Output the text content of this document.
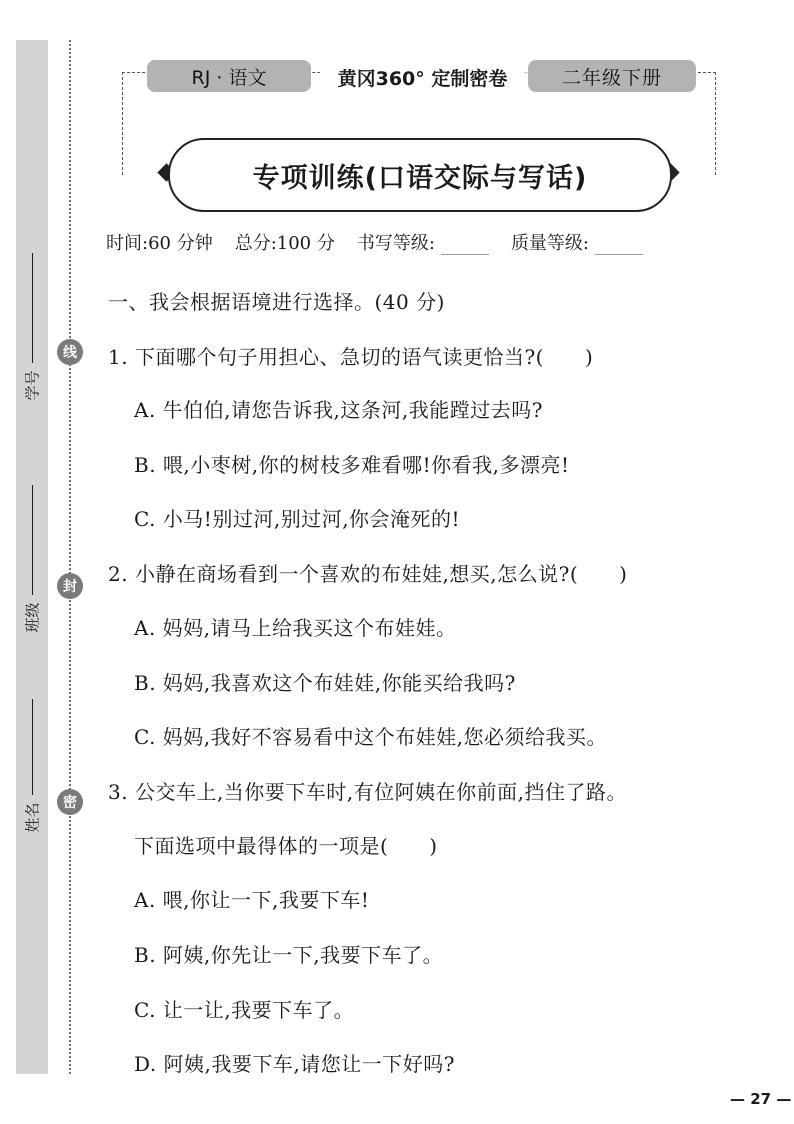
学号
班级
姓名
线
封
密
RJ · 语文	黄冈360° 定制密卷	二年级下册
专项训练(口语交际与写话)
时间:60 分钟 总分:100 分 书写等级:	质量等级:
一、我会根据语境进行选择。(40 分)
1. 下面哪个句子用担心、急切的语气读更恰当?(　　)
A. 牛伯伯,请您告诉我,这条河,我能蹚过去吗?
B. 喂,小枣树,你的树枝多难看哪!你看我,多漂亮!
C. 小马!别过河,别过河,你会淹死的!
2. 小静在商场看到一个喜欢的布娃娃,想买,怎么说?(　　)
A. 妈妈,请马上给我买这个布娃娃。
B. 妈妈,我喜欢这个布娃娃,你能买给我吗?
C. 妈妈,我好不容易看中这个布娃娃,您必须给我买。
3. 公交车上,当你要下车时,有位阿姨在你前面,挡住了路。
下面选项中最得体的一项是(　　)
A. 喂,你让一下,我要下车!
B. 阿姨,你先让一下,我要下车了。
C. 让一让,我要下车了。
D. 阿姨,我要下车,请您让一下好吗?
— 27 —
